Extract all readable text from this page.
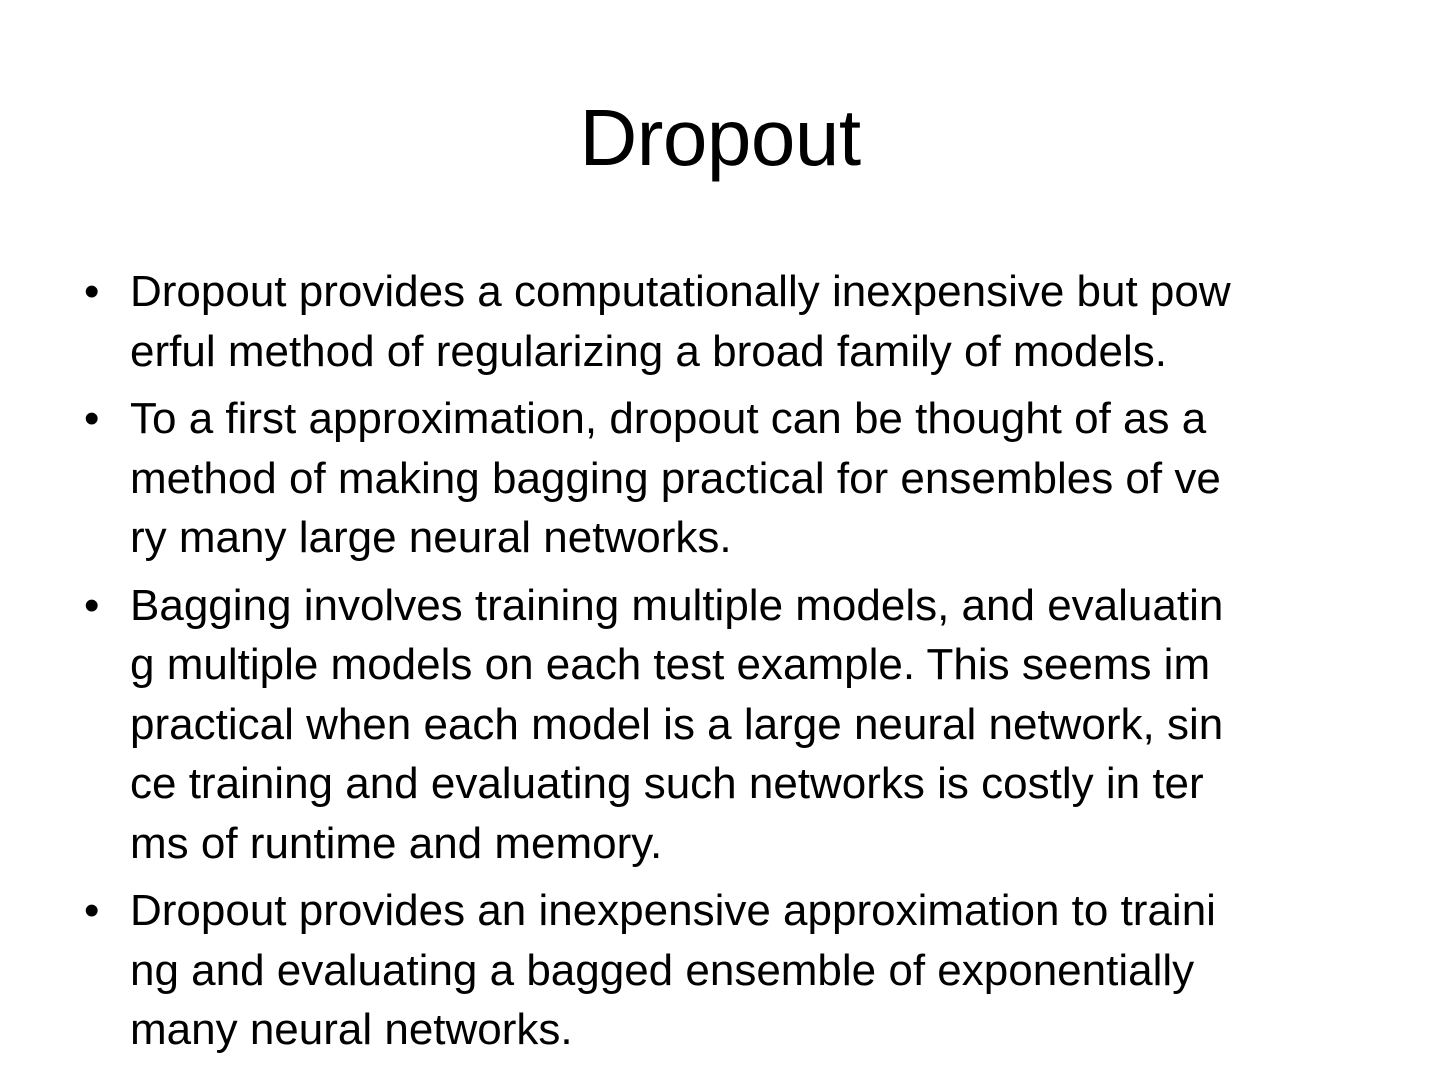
Dropout
• Dropout provides a computationally inexpensive but pow
erful method of regularizing a broad family of models.
• To a first approximation, dropout can be thought of as a
method of making bagging practical for ensembles of ve
ry many large neural networks.
• Bagging involves training multiple models, and evaluatin
g multiple models on each test example. This seems im
practical when each model is a large neural network, sin
ce training and evaluating such networks is costly in ter
ms of runtime and memory.
• Dropout provides an inexpensive approximation to traini
ng and evaluating a bagged ensemble of exponentially
many neural networks.
